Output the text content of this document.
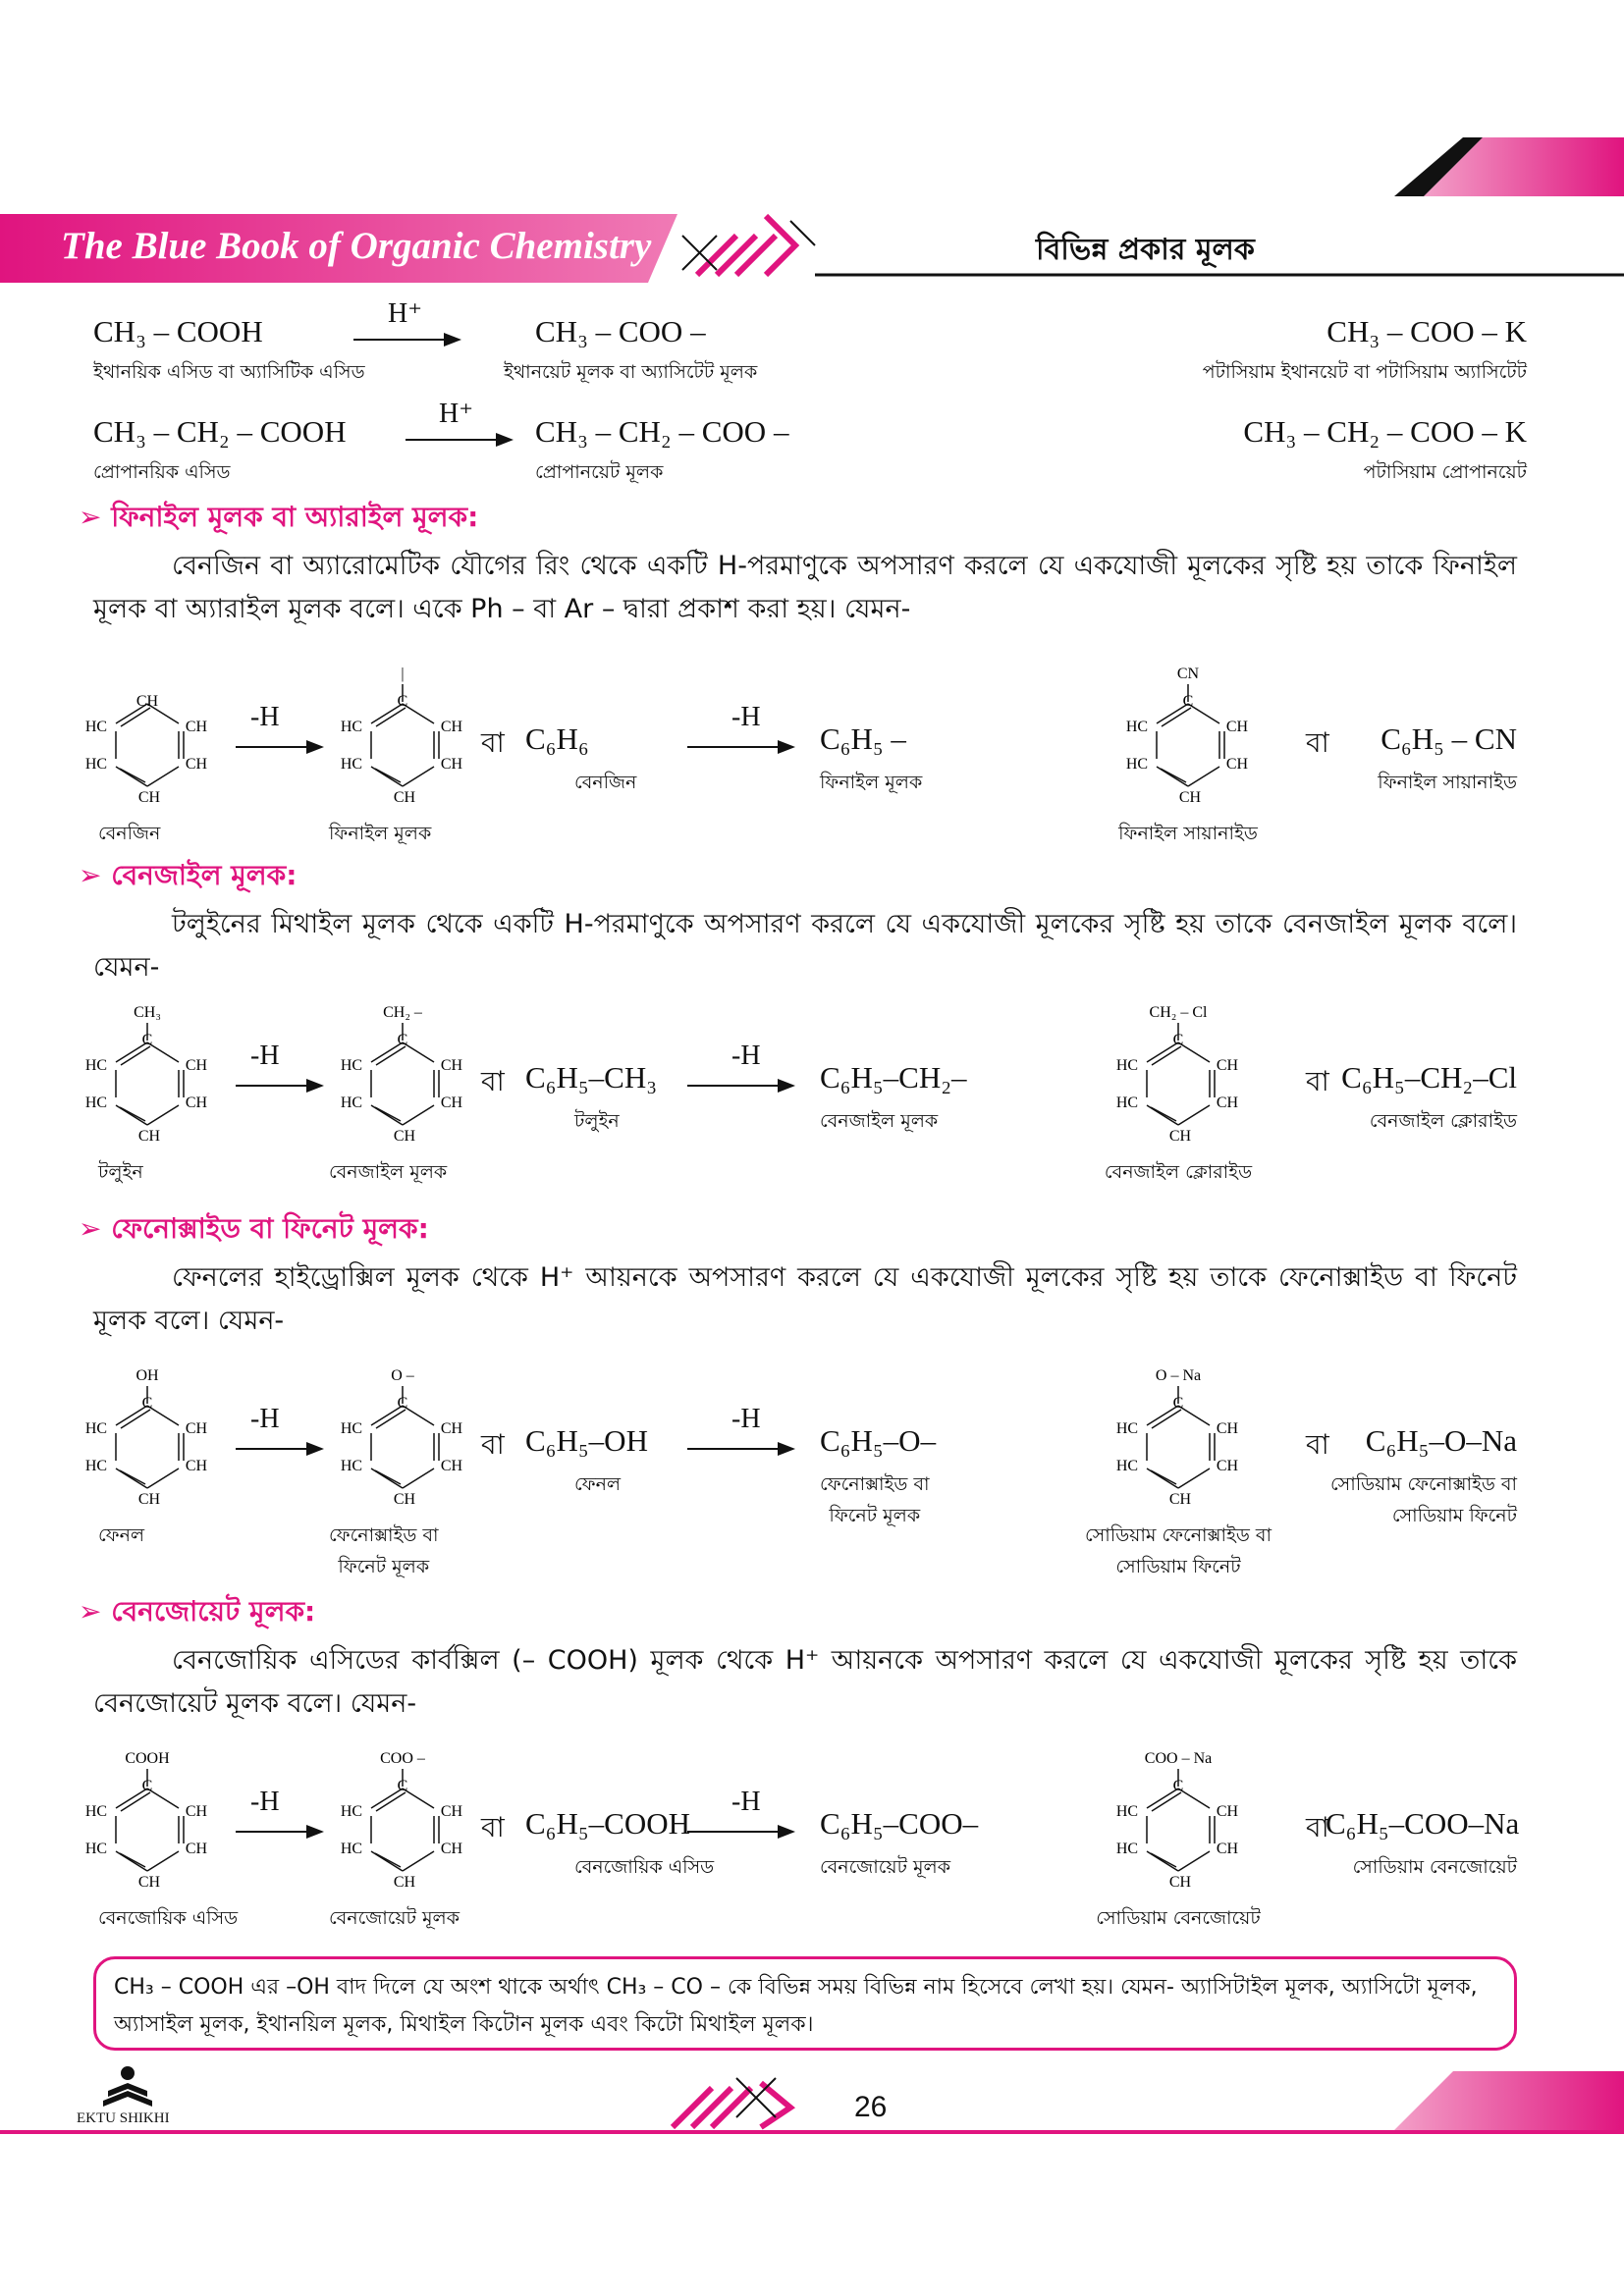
The Blue Book of Organic Chemistry	বিভিন্ন প্রকার মূলক
CH₃ – COOH
ইথানয়িক এসিড বা অ্যাসিটিক এসিড
H⁺
CH₃ – COO –
ইথানয়েট মূলক বা অ্যাসিটেট মূলক
CH₃ – COO – K
পটাসিয়াম ইথানয়েট বা পটাসিয়াম অ্যাসিটেট
CH₃ – CH₂ – COOH
প্রোপানয়িক এসিড
H⁺
CH₃ – CH₂ – COO –
প্রোপানয়েট মূলক
CH₃ – CH₂ – COO – K
পটাসিয়াম প্রোপানয়েট
➢ ফিনাইল মূলক বা অ্যারাইল মূলক:
বেনজিন বা অ্যারোমেটিক যৌগের রিং থেকে একটি H-পরমাণুকে অপসারণ করলে যে একযোজী মূলকের সৃষ্টি হয় তাকে ফিনাইল মূলক বা অ্যারাইল মূলক বলে। একে Ph – বা Ar – দ্বারা প্রকাশ করা হয়। যেমন-
CH
HC	CH
HC	CH
CH
বেনজিন
-H
|
C
HC	CH
HC	CH
CH
ফিনাইল মূলক
বা C₆H₆
বেনজিন
-H
C₆H₅ –
ফিনাইল মূলক
CN
C
HC	CH
HC	CH
CH
ফিনাইল সায়ানাইড
বা	C₆H₅ – CN
ফিনাইল সায়ানাইড
➢ বেনজাইল মূলক:
টলুইনের মিথাইল মূলক থেকে একটি H-পরমাণুকে অপসারণ করলে যে একযোজী মূলকের সৃষ্টি হয় তাকে বেনজাইল মূলক বলে। যেমন-
CH₃
C
HC	CH
HC	CH
CH
টলুইন
-H
CH₂ –
C
HC	CH
HC	CH
CH
বেনজাইল মূলক
বা C₆H₅–CH₃
টলুইন
-H
C₆H₅–CH₂–
বেনজাইল মূলক
CH₂ – Cl
C
HC	CH
HC	CH
CH
বেনজাইল ক্লোরাইড
বা C₆H₅–CH₂–Cl
বেনজাইল ক্লোরাইড
➢ ফেনোক্সাইড বা ফিনেট মূলক:
ফেনলের হাইড্রোক্সিল মূলক থেকে H⁺ আয়নকে অপসারণ করলে যে একযোজী মূলকের সৃষ্টি হয় তাকে ফেনোক্সাইড বা ফিনেট মূলক বলে। যেমন-
OH
C
HC	CH
HC	CH
CH
ফেনল
-H
O –
C
HC	CH
HC	CH
CH
ফেনোক্সাইড বা
ফিনেট মূলক
বা C₆H₅–OH
ফেনল
-H
C₆H₅–O–
ফেনোক্সাইড বা
ফিনেট মূলক
O – Na
C
HC	CH
HC	CH
CH
সোডিয়াম ফেনোক্সাইড বা
সোডিয়াম ফিনেট
বা	C₆H₅–O–Na
সোডিয়াম ফেনোক্সাইড বা
সোডিয়াম ফিনেট
➢ বেনজোয়েট মূলক:
বেনজোয়িক এসিডের কার্বক্সিল (– COOH) মূলক থেকে H⁺ আয়নকে অপসারণ করলে যে একযোজী মূলকের সৃষ্টি হয় তাকে বেনজোয়েট মূলক বলে। যেমন-
COOH
C
HC	CH
HC	CH
CH
বেনজোয়িক এসিড
-H
COO –
C
HC	CH
HC	CH
CH
বেনজোয়েট মূলক
বা C₆H₅–COOH
বেনজোয়িক এসিড
-H
C₆H₅–COO–
বেনজোয়েট মূলক
COO – Na
C
HC	CH
HC	CH
CH
সোডিয়াম বেনজোয়েট
বা
C₆H₅–COO–Na
সোডিয়াম বেনজোয়েট
CH₃ – COOH এর –OH বাদ দিলে যে অংশ থাকে অর্থাৎ CH₃ – CO – কে বিভিন্ন সময় বিভিন্ন নাম হিসেবে লেখা হয়। যেমন- অ্যাসিটাইল মূলক, অ্যাসিটো মূলক, অ্যাসাইল মূলক, ইথানয়িল মূলক, মিথাইল কিটোন মূলক এবং কিটো মিথাইল মূলক।
EKTU SHIKHI	26
